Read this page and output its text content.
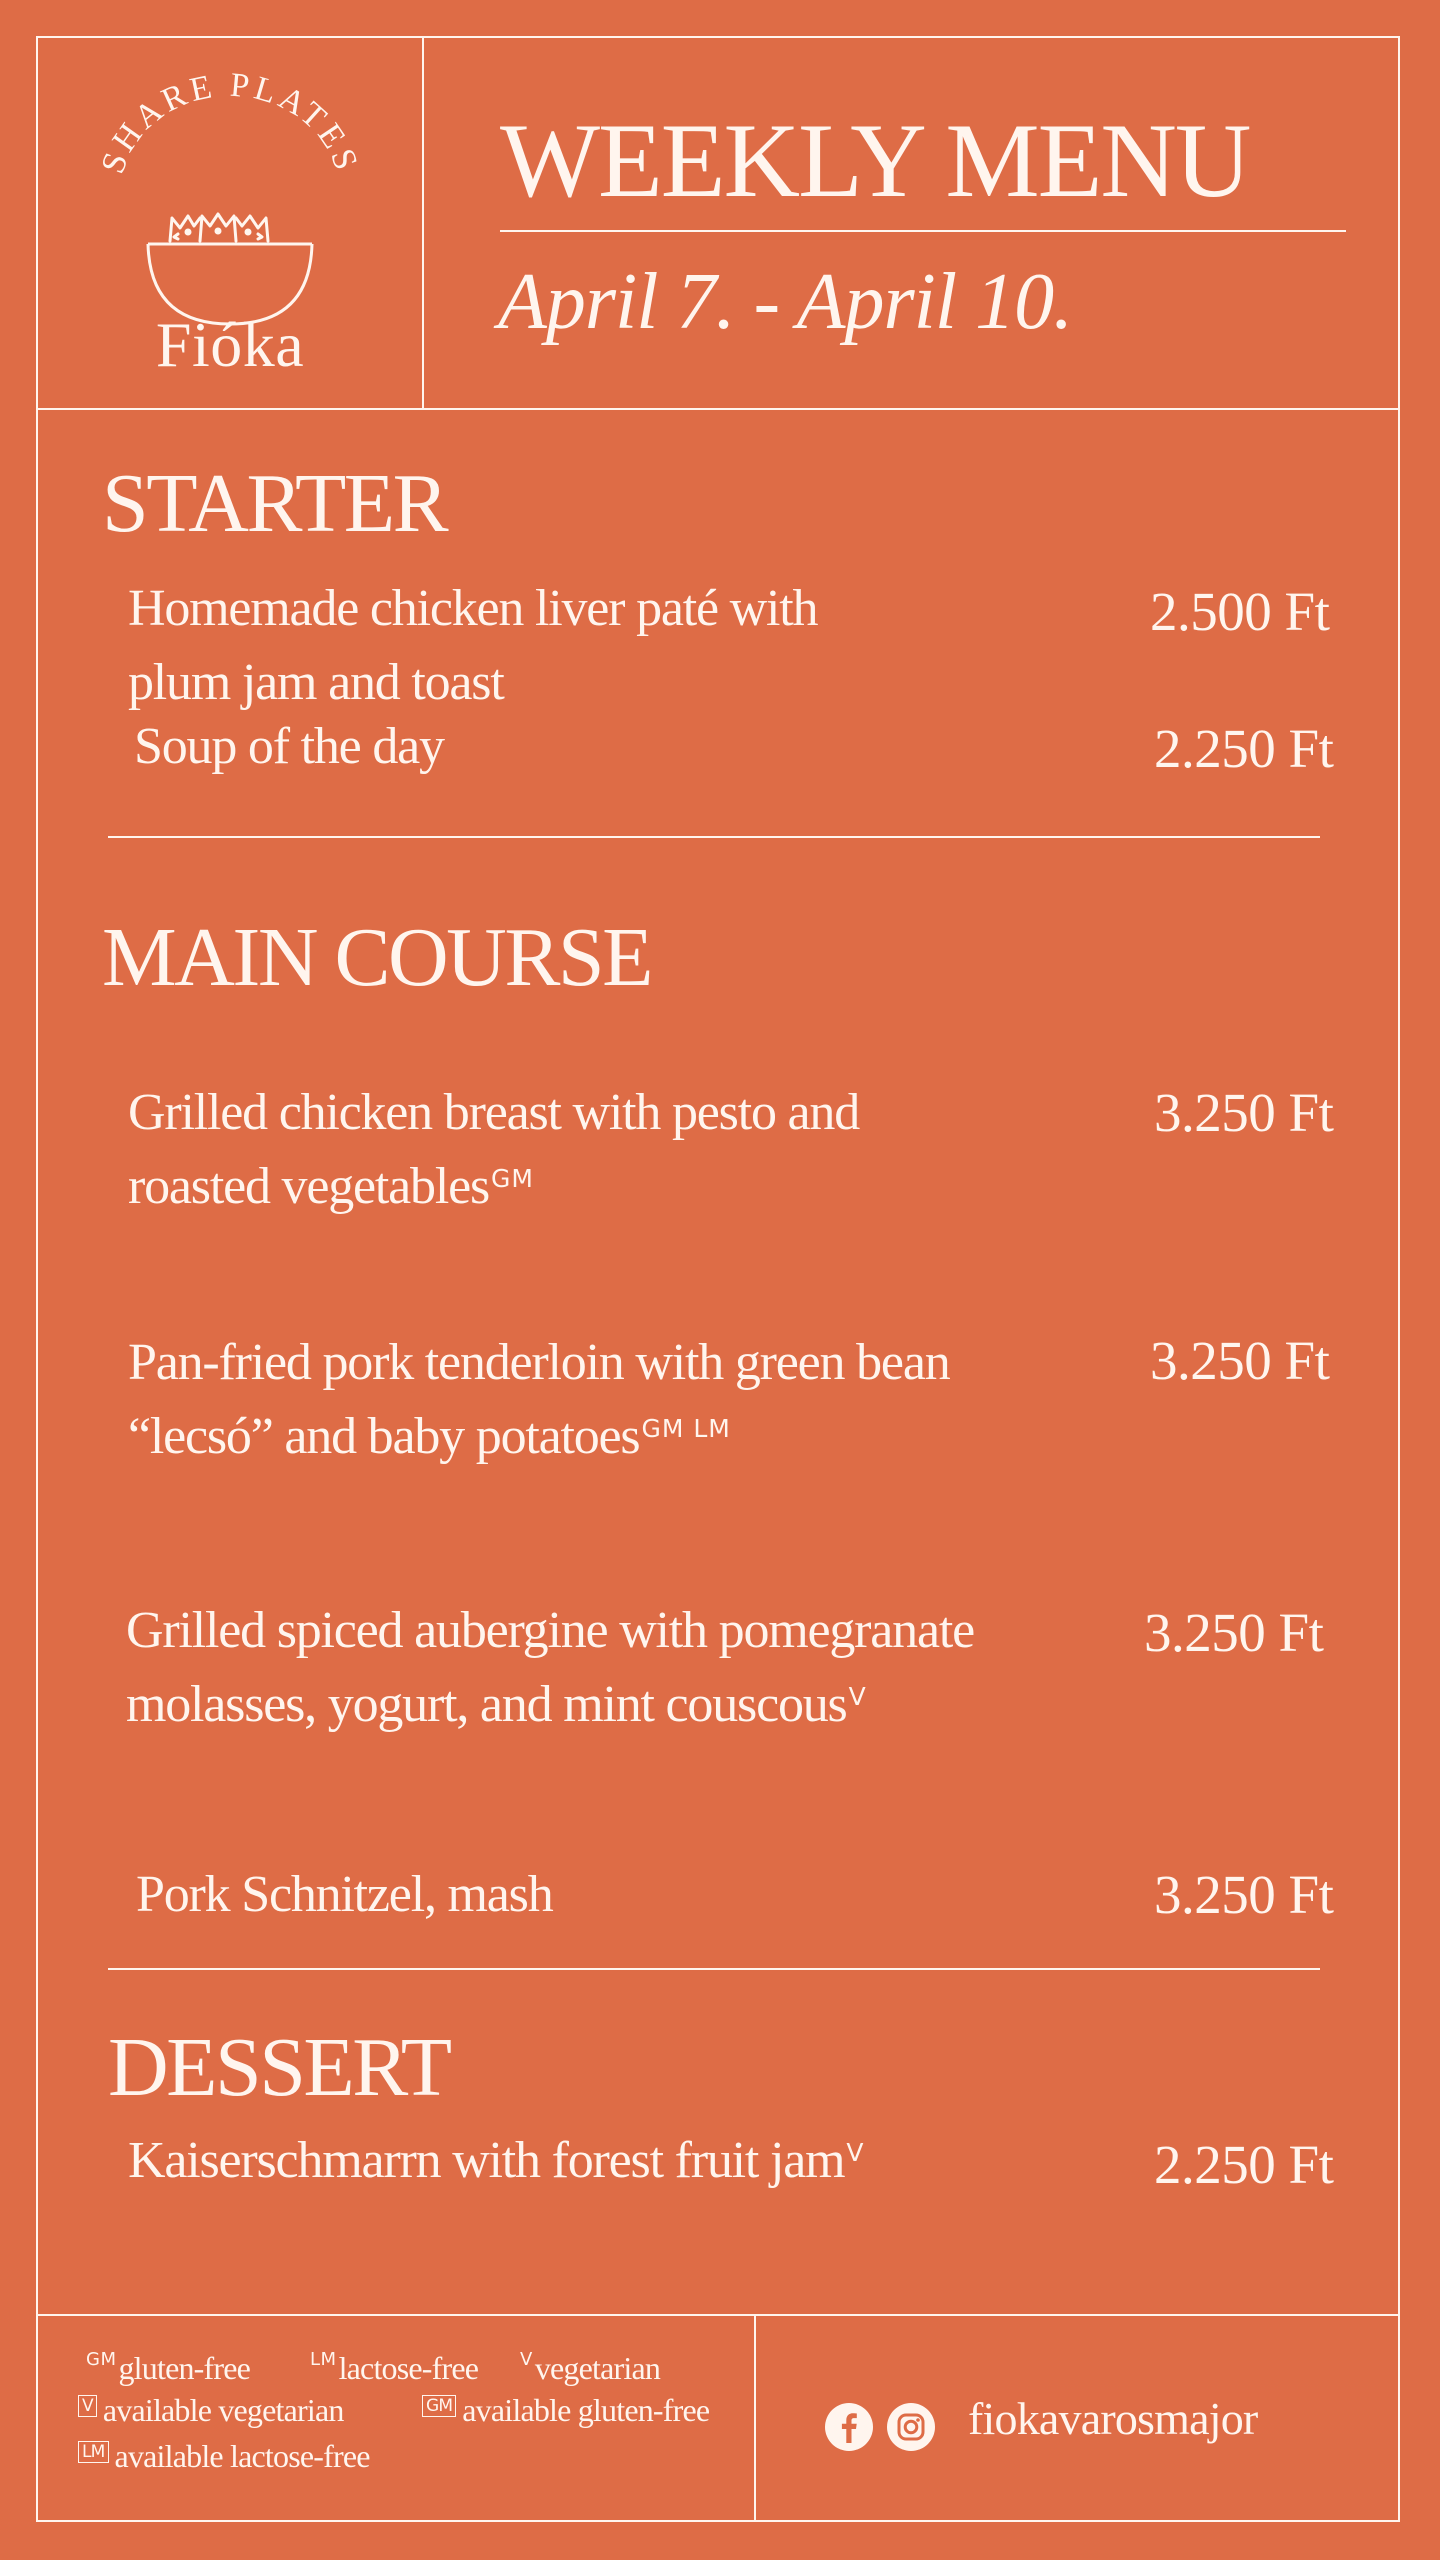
SHARE PLATES
Fióka
WEEKLY MENU
April 7. - April 10.
STARTER
Homemade chicken liver paté with
plum jam and toast
2.500 Ft
Soup of the day	2.250 Ft
MAIN COURSE
Grilled chicken breast with pesto and
roasted vegetables$^{GM}$
3.250 Ft
Pan-fried pork tenderloin with green bean
“lecsó” and baby potatoes$^{GM LM}$
3.250 Ft
Grilled spiced aubergine with pomegranate
molasses, yogurt, and mint couscous$^V$
3.250 Ft
Pork Schnitzel, mash	3.250 Ft
DESSERT
Kaiserschmarrn with forest fruit jam$^V$	2.250 Ft
$^{GM}$gluten-free	$^{LM}$lactose-free $^V$vegetarian
V available vegetarian	GM available gluten-free
LM available lactose-free
fiokavarosmajor
